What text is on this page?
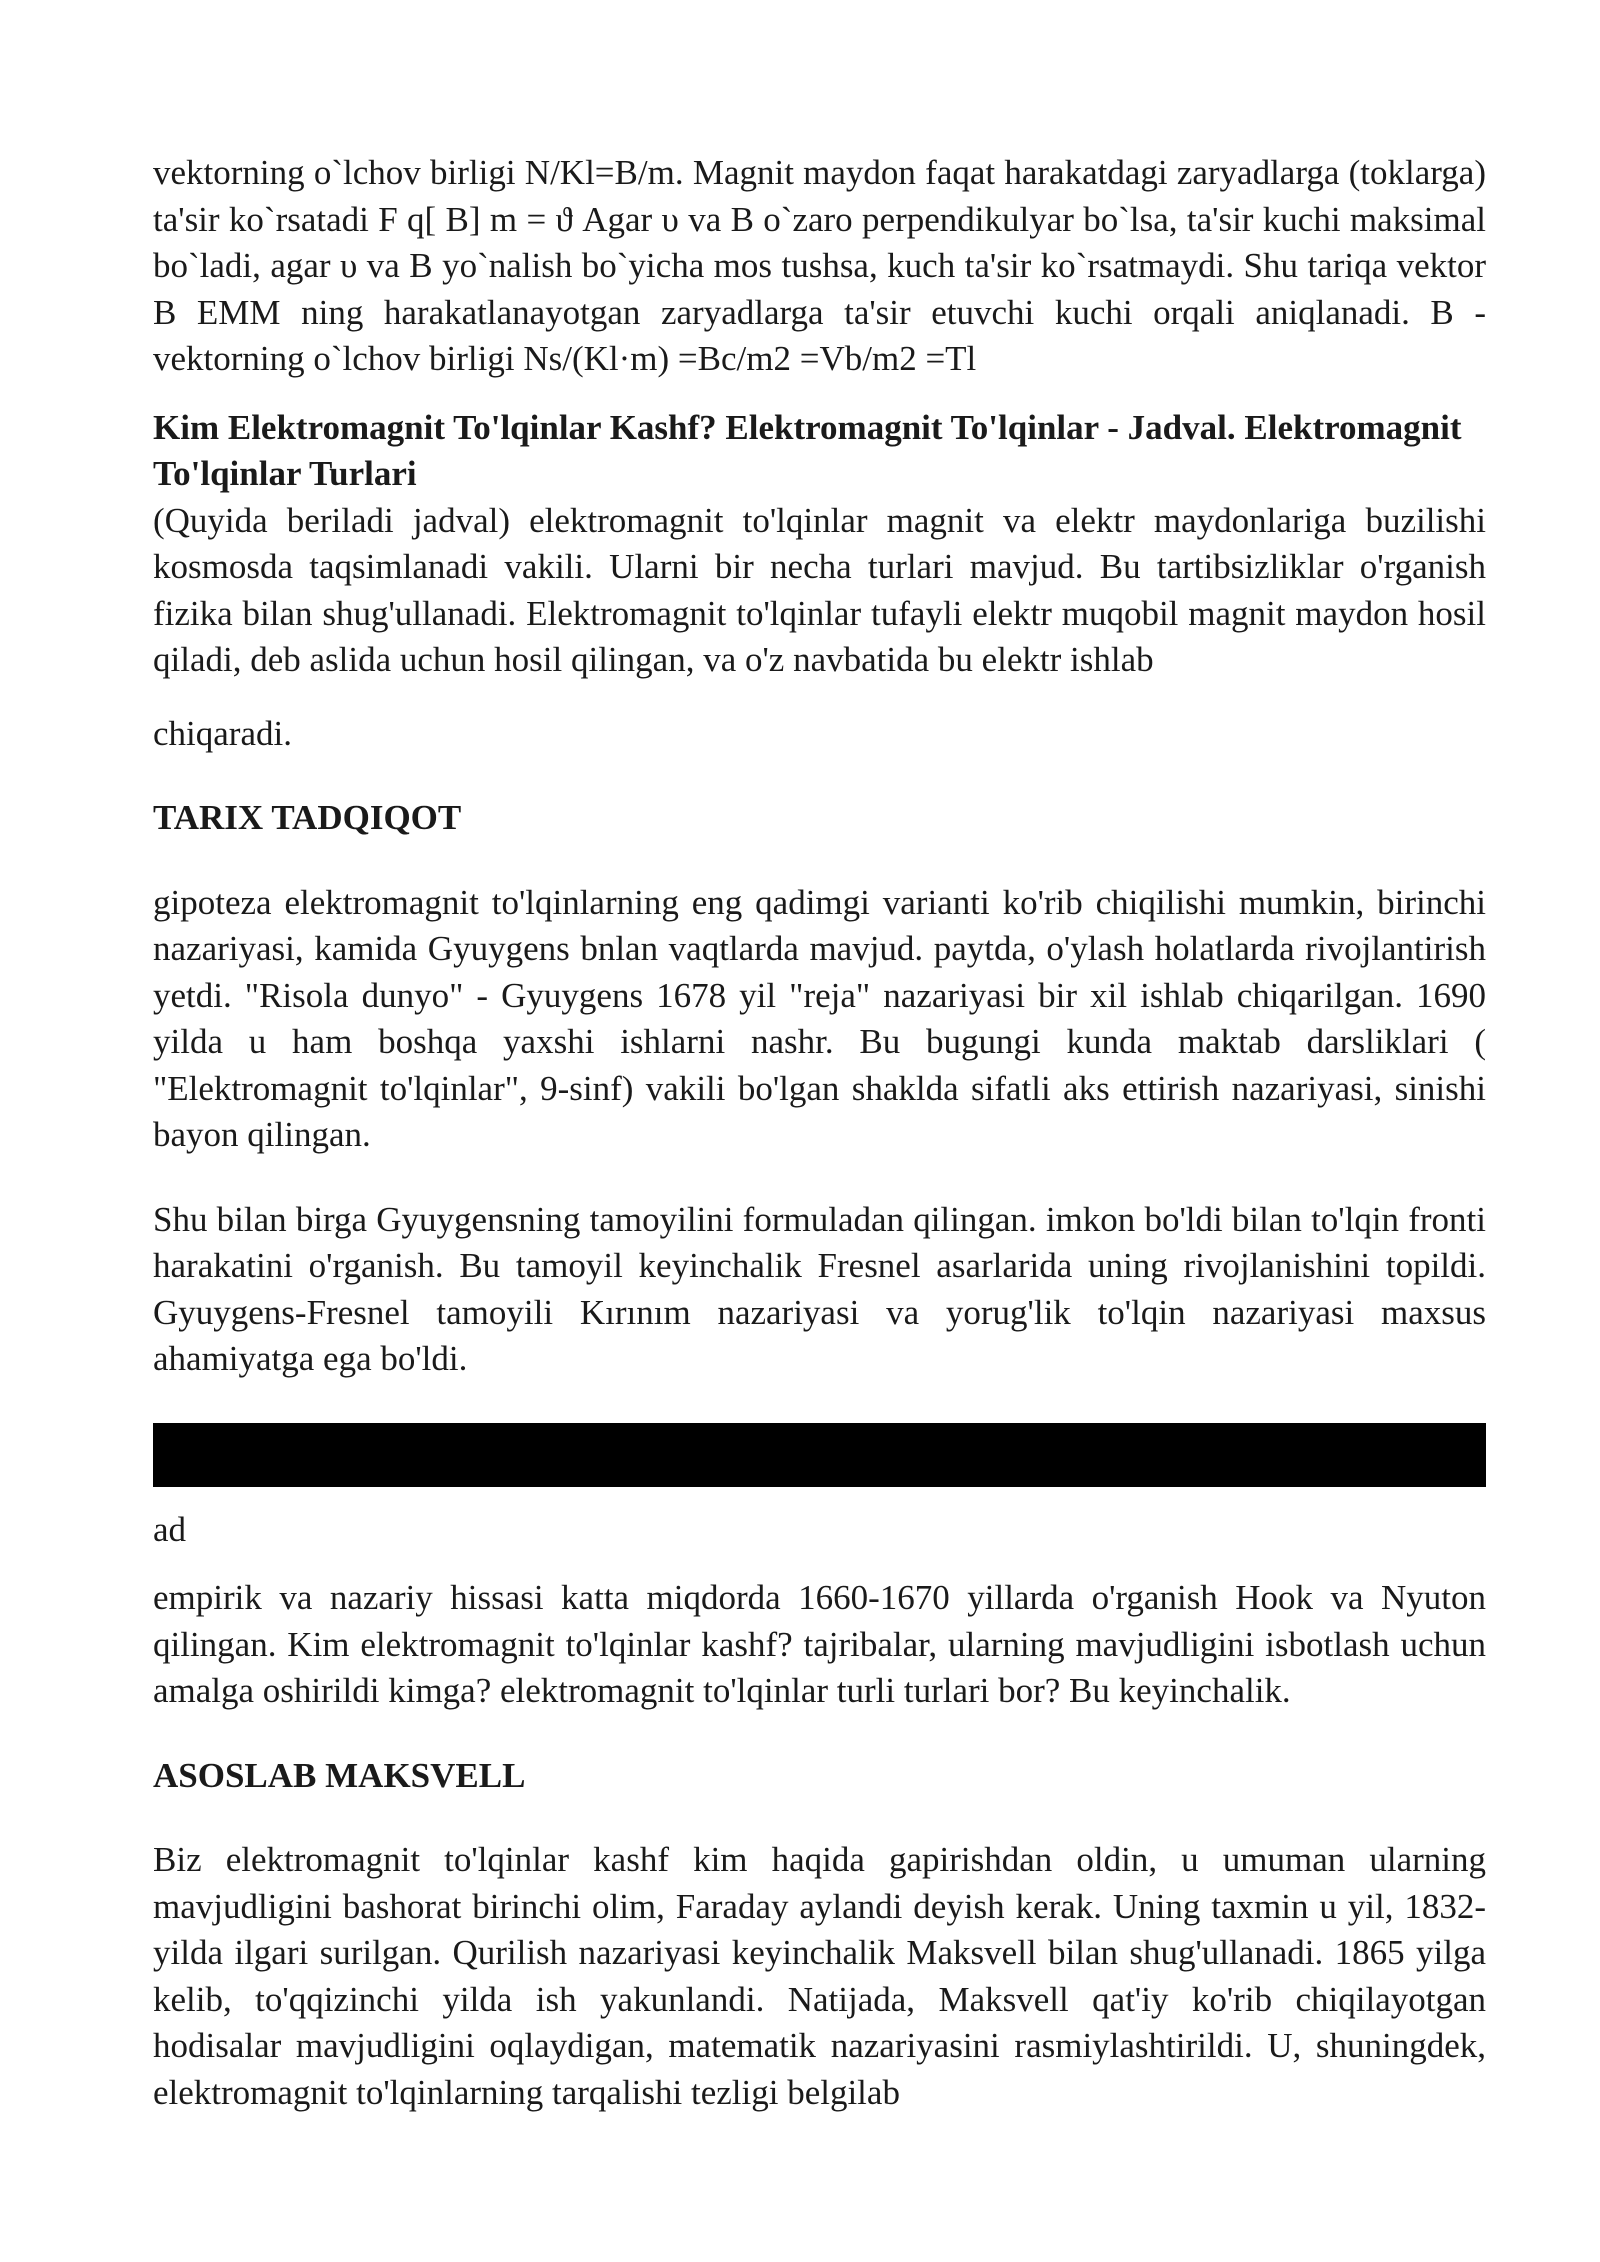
vektorning o`lchov birligi N/Kl=B/m. Magnit maydon faqat harakatdagi zaryadlarga (toklarga) ta'sir ko`rsatadi F q[ B] m = ϑ Agar υ va B o`zaro perpendikulyar bo`lsa, ta'sir kuchi maksimal bo`ladi, agar υ va B yo`nalish bo`yicha mos tushsa, kuch ta'sir ko`rsatmaydi. Shu tariqa vektor B EMM ning harakatlanayotgan zaryadlarga ta'sir etuvchi kuchi orqali aniqlanadi. B - vektorning o`lchov birligi Ns/(Kl·m) =Bc/m2 =Vb/m2 =Tl

Kim Elektromagnit To'lqinlar Kashf? Elektromagnit To'lqinlar - Jadval. Elektromagnit To'lqinlar Turlari

(Quyida beriladi jadval) elektromagnit to'lqinlar magnit va elektr maydonlariga buzilishi kosmosda taqsimlanadi vakili. Ularni bir necha turlari mavjud. Bu tartibsizliklar o'rganish fizika bilan shug'ullanadi. Elektromagnit to'lqinlar tufayli elektr muqobil magnit maydon hosil qiladi, deb aslida uchun hosil qilingan, va o'z navbatida bu elektr ishlab

chiqaradi.

TARIX TADQIQOT

gipoteza elektromagnit to'lqinlarning eng qadimgi varianti ko'rib chiqilishi mumkin, birinchi nazariyasi, kamida Gyuygens bnlan vaqtlarda mavjud. paytda, o'ylash holatlarda rivojlantirish yetdi. "Risola dunyo" - Gyuygens 1678 yil "reja" nazariyasi bir xil ishlab chiqarilgan. 1690 yilda u ham boshqa yaxshi ishlarni nashr. Bu bugungi kunda maktab darsliklari ( "Elektromagnit to'lqinlar", 9-sinf) vakili bo'lgan shaklda sifatli aks ettirish nazariyasi, sinishi bayon qilingan.

Shu bilan birga Gyuygensning tamoyilini formuladan qilingan. imkon bo'ldi bilan to'lqin fronti harakatini o'rganish. Bu tamoyil keyinchalik Fresnel asarlarida uning rivojlanishini topildi. Gyuygens-Fresnel tamoyili Kırınım nazariyasi va yorug'lik to'lqin nazariyasi maxsus ahamiyatga ega bo'ldi.

ad

empirik va nazariy hissasi katta miqdorda 1660-1670 yillarda o'rganish Hook va Nyuton qilingan. Kim elektromagnit to'lqinlar kashf? tajribalar, ularning mavjudligini isbotlash uchun amalga oshirildi kimga? elektromagnit to'lqinlar turli turlari bor? Bu keyinchalik.

ASOSLAB MAKSVELL

Biz elektromagnit to'lqinlar kashf kim haqida gapirishdan oldin, u umuman ularning mavjudligini bashorat birinchi olim, Faraday aylandi deyish kerak. Uning taxmin u yil, 1832-yilda ilgari surilgan. Qurilish nazariyasi keyinchalik Maksvell bilan shug'ullanadi. 1865 yilga kelib, to'qqizinchi yilda ish yakunlandi. Natijada, Maksvell qat'iy ko'rib chiqilayotgan hodisalar mavjudligini oqlaydigan, matematik nazariyasini rasmiylashtirildi. U, shuningdek, elektromagnit to'lqinlarning tarqalishi tezligi belgilab
